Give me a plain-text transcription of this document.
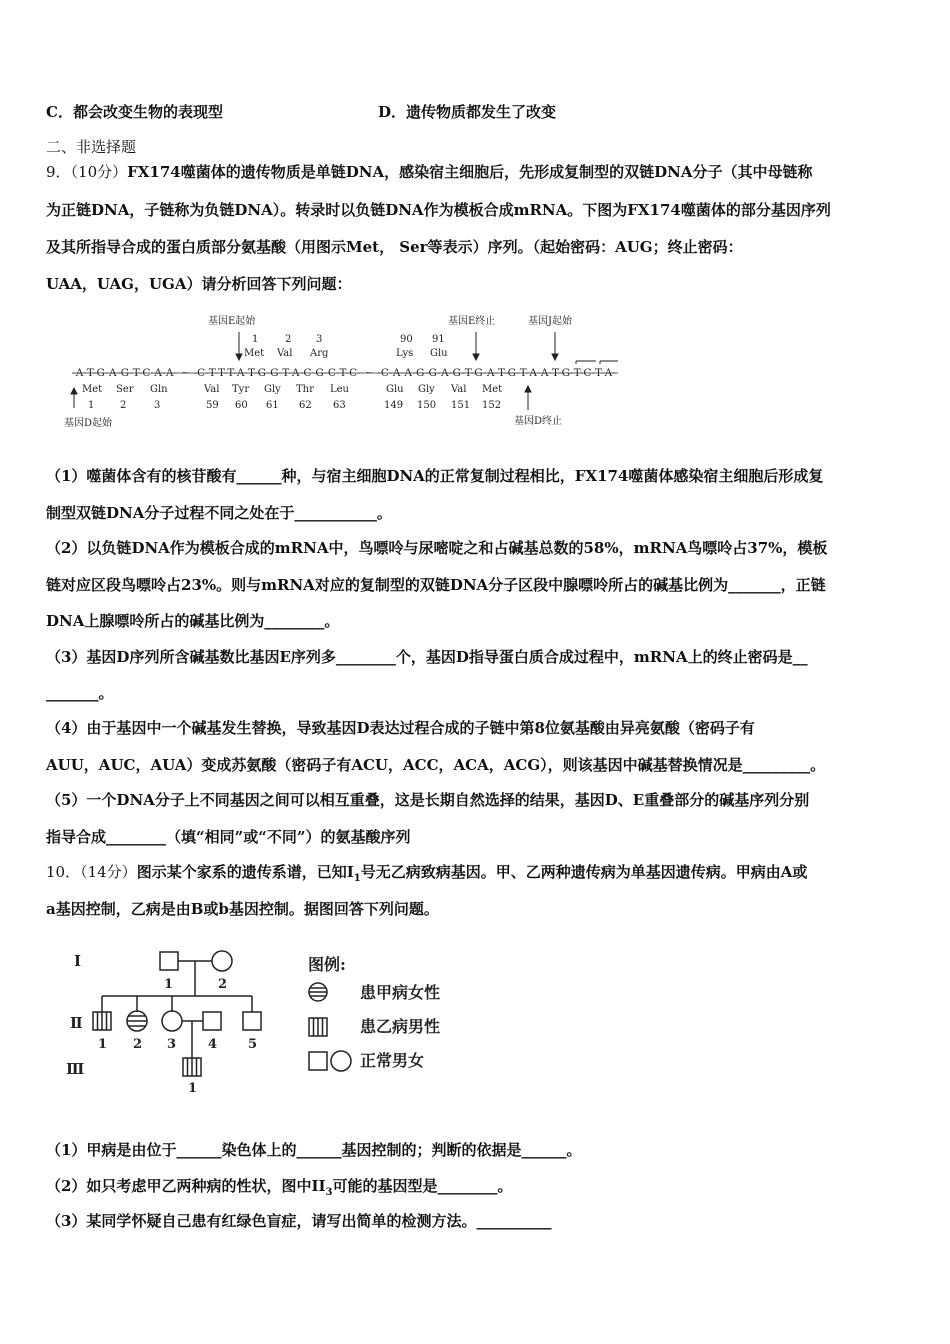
C．都会改变生物的表现型	D．遗传物质都发生了改变
二、非选择题
9．（10分）FX174噬菌体的遗传物质是单链DNA，感染宿主细胞后，先形成复制型的双链DNA分子（其中母链称
为正链DNA，子链称为负链DNA）。转录时以负链DNA作为模板合成mRNA。下图为FX174噬菌体的部分基因序列
及其所指导合成的蛋白质部分氨基酸（用图示Met， Ser等表示）序列。（起始密码：AUG；终止密码：
UAA，UAG，UGA）请分析回答下列问题：
基因E起始	基因E终止	基因J起始
1	2 3	90 91
Met Val Arg	Lys Glu
-A-T-G-A-G-T-C-A-A- ~ -C-T-T-T-A-T-G-G-T-A-C-G-C-T-C- ~ -C-A-A-G-G-A-G-T-G-A-T-G-T-A-A-T-G-T-C-T-A-
Met Ser Gln	Val Tyr Gly Thr Leu	Glu Gly Val Met
1	2	3	59 60 61 62 63	149 150 151 152
基因D起始	基因D终止
（1）噬菌体含有的核苷酸有______种，与宿主细胞DNA的正常复制过程相比，FX174噬菌体感染宿主细胞后形成复
制型双链DNA分子过程不同之处在于___________。
（2）以负链DNA作为模板合成的mRNA中，鸟嘌呤与尿嘧啶之和占碱基总数的58%，mRNA鸟嘌呤占37%，模板
链对应区段鸟嘌呤占23%。则与mRNA对应的复制型的双链DNA分子区段中腺嘌呤所占的碱基比例为_______，正链
DNA上腺嘌呤所占的碱基比例为________。
（3）基因D序列所含碱基数比基因E序列多________个，基因D指导蛋白质合成过程中，mRNA上的终止密码是__
_______。
（4）由于基因中一个碱基发生替换，导致基因D表达过程合成的子链中第8位氨基酸由异亮氨酸（密码子有
AUU，AUC，AUA）变成苏氨酸（密码子有ACU，ACC，ACA，ACG），则该基因中碱基替换情况是_________。
（5）一个DNA分子上不同基因之间可以相互重叠，这是长期自然选择的结果，基因D、E重叠部分的碱基序列分别
指导合成________（填“相同”或“不同”）的氨基酸序列
10．（14分）图示某个家系的遗传系谱，已知$Ⅰ_1$号无乙病致病基因。甲、乙两种遗传病为单基因遗传病。甲病由A或
a基因控制，乙病是由B或b基因控制。据图回答下列问题。
Ⅰ
Ⅱ
Ⅲ
1	2
1 2 3 4 5
1
图例:
患甲病女性
患乙病男性
正常男女
（1）甲病是由位于______染色体上的______基因控制的；判断的依据是______。
（2）如只考虑甲乙两种病的性状，图中$II_3$可能的基因型是________。
（3）某同学怀疑自己患有红绿色盲症，请写出简单的检测方法。__________
